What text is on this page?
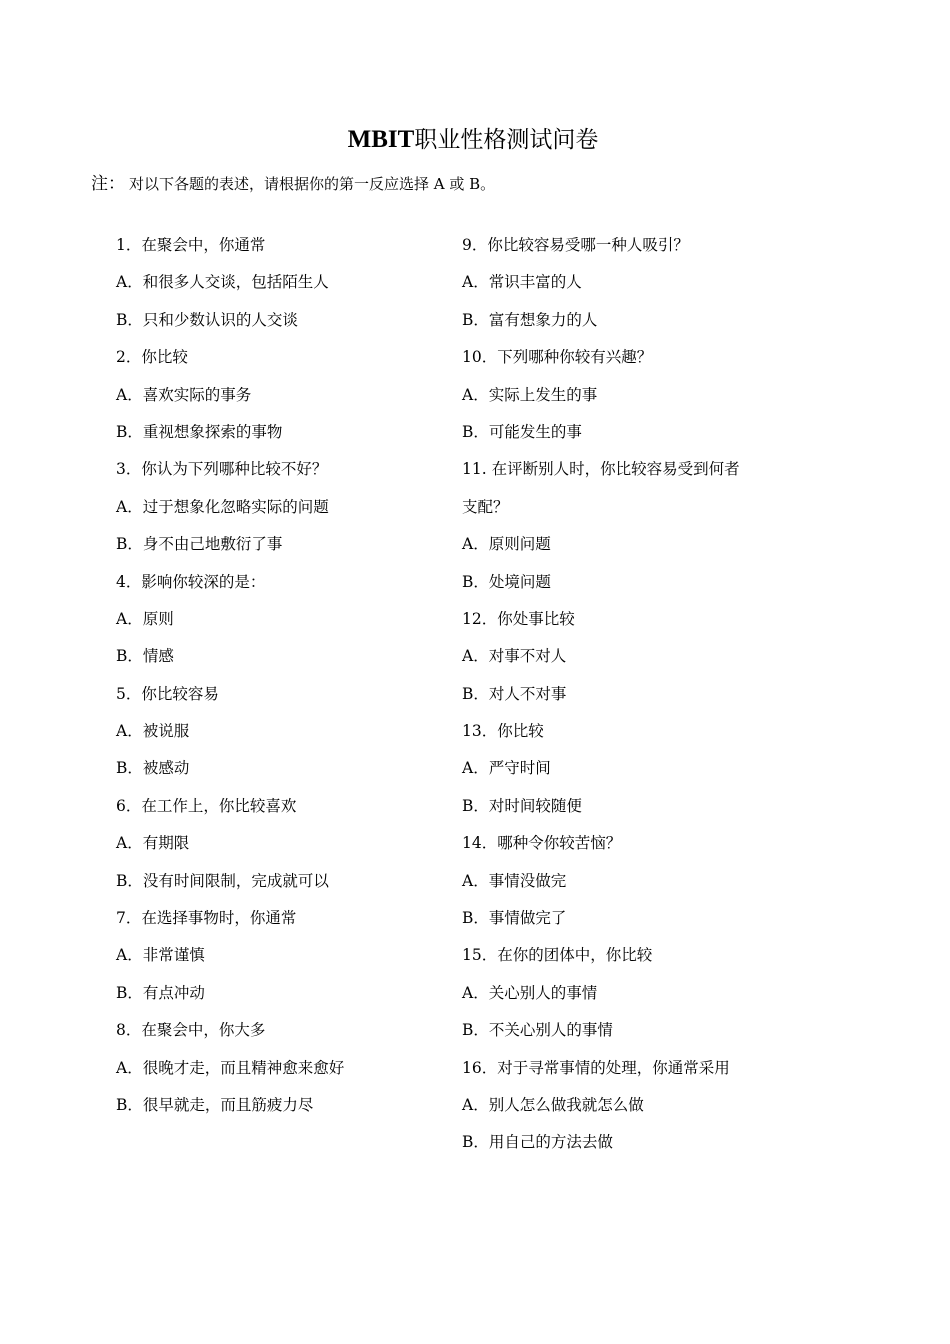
MBIT职业性格测试问卷
注： 对以下各题的表述，请根据你的第一反应选择 A 或 B。
1．在聚会中，你通常
A．和很多人交谈，包括陌生人
B．只和少数认识的人交谈
2．你比较
A．喜欢实际的事务
B．重视想象探索的事物
3．你认为下列哪种比较不好？
A．过于想象化忽略实际的问题
B．身不由己地敷衍了事
4．影响你较深的是：
A．原则
B．情感
5．你比较容易
A．被说服
B．被感动
6．在工作上，你比较喜欢
A．有期限
B．没有时间限制，完成就可以
7．在选择事物时，你通常
A．非常谨慎
B．有点冲动
8．在聚会中，你大多
A．很晚才走，而且精神愈来愈好
B．很早就走，而且筋疲力尽
9．你比较容易受哪一种人吸引？
A．常识丰富的人
B．富有想象力的人
10．下列哪种你较有兴趣？
A．实际上发生的事
B．可能发生的事
11. 在评断别人时，你比较容易受到何者
支配？
A．原则问题
B．处境问题
12．你处事比较
A．对事不对人
B．对人不对事
13．你比较
A．严守时间
B．对时间较随便
14．哪种令你较苦恼？
A．事情没做完
B．事情做完了
15．在你的团体中，你比较
A．关心别人的事情
B．不关心别人的事情
16．对于寻常事情的处理，你通常采用
A．别人怎么做我就怎么做
B．用自己的方法去做
